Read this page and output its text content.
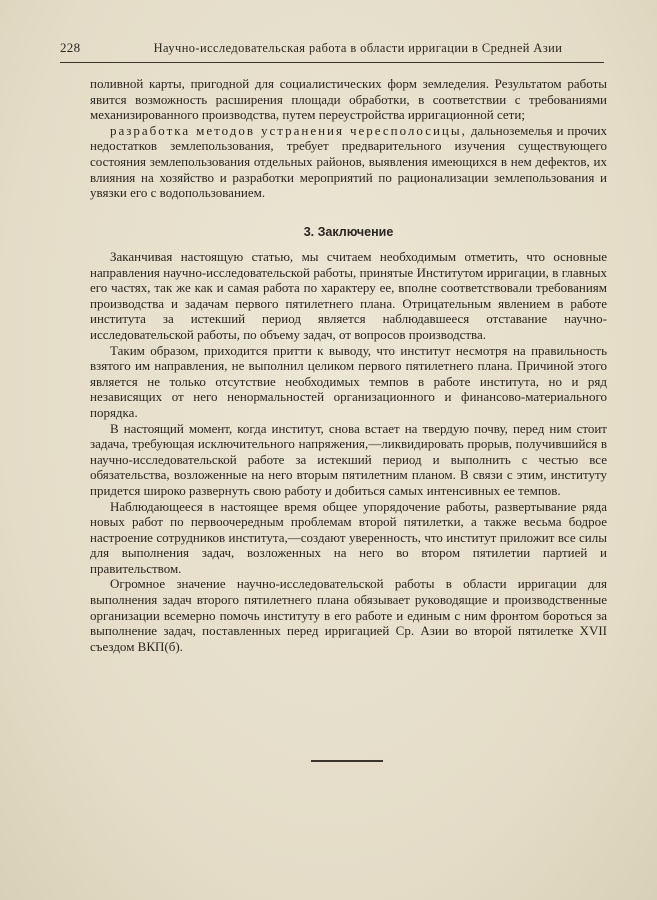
228	Научно-исследовательская работа в области ирригации в Средней Азии

поливной карты, пригодной для социалистических форм земледелия. Результатом работы явится возможность расширения площади обработки, в соответствии с требованиями механизированного производства, путем переустройства ирригационной сети;

разработка методов устранения чересполосицы, дальноземелья и прочих недостатков землепользования, требует предварительного изучения существующего состояния землепользования отдельных районов, выявления имеющихся в нем дефектов, их влияния на хозяйство и разработки мероприятий по рационализации землепользования и увязки его с водопользованием.

3. Заключение

Заканчивая настоящую статью, мы считаем необходимым отметить, что основные направления научно-исследовательской работы, принятые Институтом ирригации, в главных его частях, так же как и самая работа по характеру ее, вполне соответствовали требованиям производства и задачам первого пятилетнего плана. Отрицательным явлением в работе института за истекший период является наблюдавшееся отставание научно-исследовательской работы, по объему задач, от вопросов производства.

Таким образом, приходится притти к выводу, что институт несмотря на правильность взятого им направления, не выполнил целиком первого пятилетнего плана. Причиной этого является не только отсутствие необходимых темпов в работе института, но и ряд независящих от него ненормальностей организационного и финансово-материального порядка.

В настоящий момент, когда институт, снова встает на твердую почву, перед ним стоит задача, требующая исключительного напряжения,—ликвидировать прорыв, получившийся в научно-исследовательской работе за истекший период и выполнить с честью все обязательства, возложенные на него вторым пятилетним планом. В связи с этим, институту придется широко развернуть свою работу и добиться самых интенсивных ее темпов.

Наблюдающееся в настоящее время общее упорядочение работы, развертывание ряда новых работ по первоочередным проблемам второй пятилетки, а также весьма бодрое настроение сотрудников института,—создают уверенность, что институт приложит все силы для выполнения задач, возложенных на него во втором пятилетии партией и правительством.

Огромное значение научно-исследовательской работы в области ирригации для выполнения задач второго пятилетнего плана обязывает руководящие и производственные организации всемерно помочь институту в его работе и единым с ним фронтом бороться за выполнение задач, поставленных перед ирригацией Ср. Азии во второй пятилетке XVII съездом ВКП(б).
